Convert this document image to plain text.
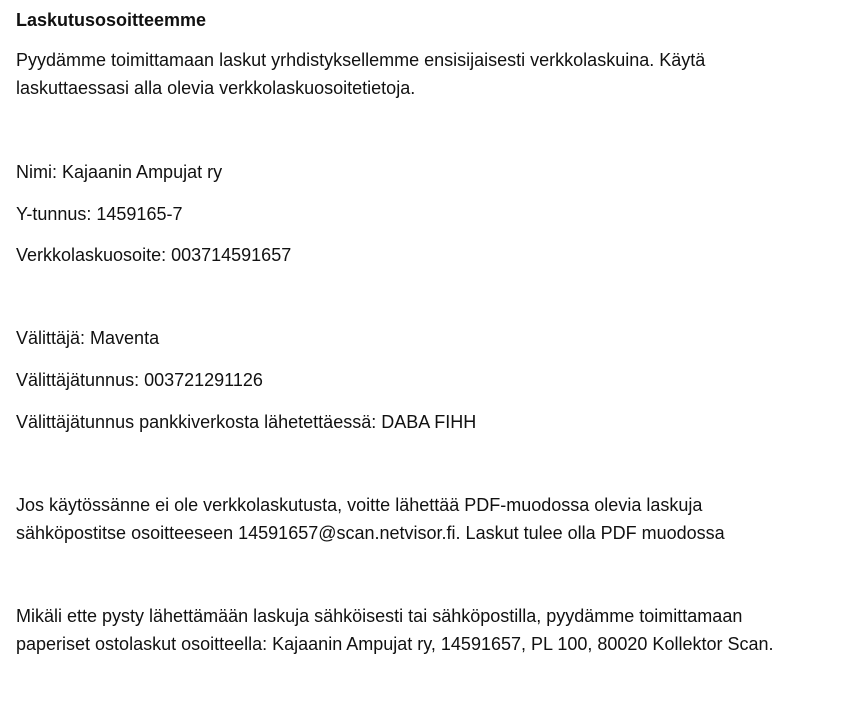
Laskutusosoitteemme

Pyydämme toimittamaan laskut yrhdistyksellemme ensisijaisesti verkkolaskuina. Käytä laskuttaessasi alla olevia verkkolaskuosoitetietoja.

Nimi: Kajaanin Ampujat ry

Y-tunnus: 1459165-7

Verkkolaskuosoite: 003714591657

Välittäjä: Maventa

Välittäjätunnus: 003721291126

Välittäjätunnus pankkiverkosta lähetettäessä: DABA FIHH

Jos käytössänne ei ole verkkolaskutusta, voitte lähettää PDF-muodossa olevia laskuja sähköpostitse osoitteeseen 14591657@scan.netvisor.fi. Laskut tulee olla PDF muodossa

Mikäli ette pysty lähettämään laskuja sähköisesti tai sähköpostilla, pyydämme toimittamaan paperiset ostolaskut osoitteella: Kajaanin Ampujat ry, 14591657, PL 100, 80020 Kollektor Scan.
